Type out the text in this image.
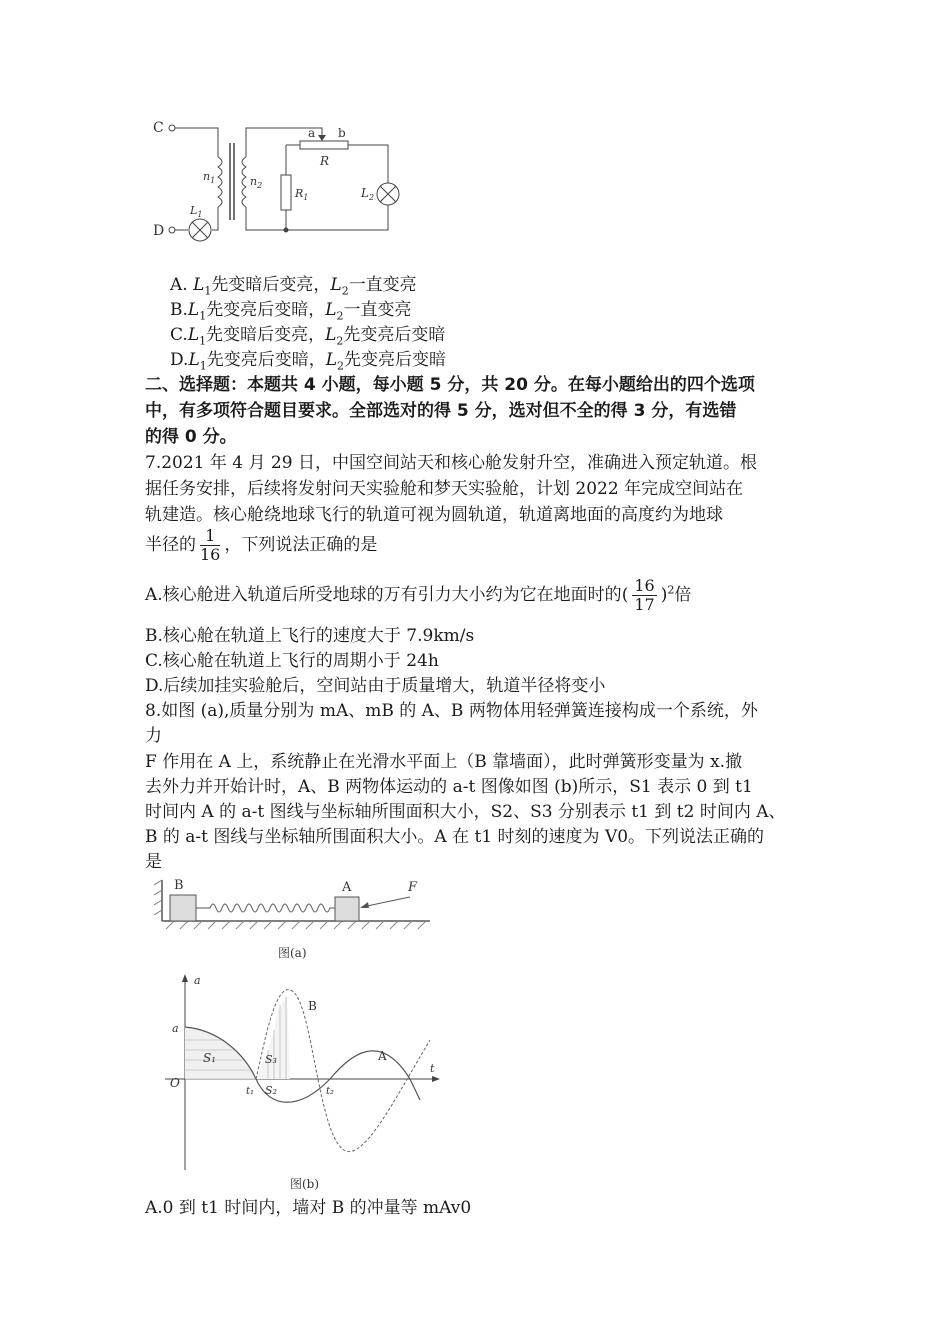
C
$n_1$	$n_2$
a b
R
$R_1$	$L_2$
D
$L_1$
A. $L_1$先变暗后变亮，$L_2$一直变亮
$B.L_1$先变亮后变暗，$L_2$一直变亮
$C.L_1$先变暗后变亮，$L_2$先变亮后变暗
$D.L_1$先变亮后变暗，$L_2$先变亮后变暗
二、选择题：本题共 4 小题，每小题 5 分，共 20 分。在每小题给出的四个选项
中，有多项符合题目要求。全部选对的得 5 分，选对但不全的得 3 分，有选错
的得 0 分。
7.2021 年 4 月 29 日，中国空间站天和核心舱发射升空，准确进入预定轨道。根
据任务安排，后续将发射问天实验舱和梦天实验舱，计划 2022 年完成空间站在
轨建造。核心舱绕地球飞行的轨道可视为圆轨道，轨道离地面的高度约为地球
半径的 $\frac{1}{16}$ ，下列说法正确的是
A.核心舱进入轨道后所受地球的万有引力大小约为它在地面时的( $\frac{16}{17} )^2$倍
B.核心舱在轨道上飞行的速度大于 7.9km/s
C.核心舱在轨道上飞行的周期小于 24h
D.后续加挂实验舱后，空间站由于质量增大，轨道半径将变小
8.如图 (a),质量分别为 mA、mB 的 A、B 两物体用轻弹簧连接构成一个系统，外
力
F 作用在 A 上，系统静止在光滑水平面上（B 靠墙面），此时弹簧形变量为 x.撤
去外力并开始计时，A、B 两物体运动的 a-t 图像如图 (b)所示，S1 表示 0 到 t1
时间内 A 的 a-t 图线与坐标轴所围面积大小，S2、S3 分别表示 t1 到 t2 时间内 A、
B 的 a-t 图线与坐标轴所围面积大小。A 在 t1 时刻的速度为 V0。下列说法正确的
是
B	A	F
图(a)
a
t
O
a
S₁	S₃
S₂
B
A
t₁	t₂
图(b)
A.0 到 t1 时间内，墙对 B 的冲量等 mAv0
